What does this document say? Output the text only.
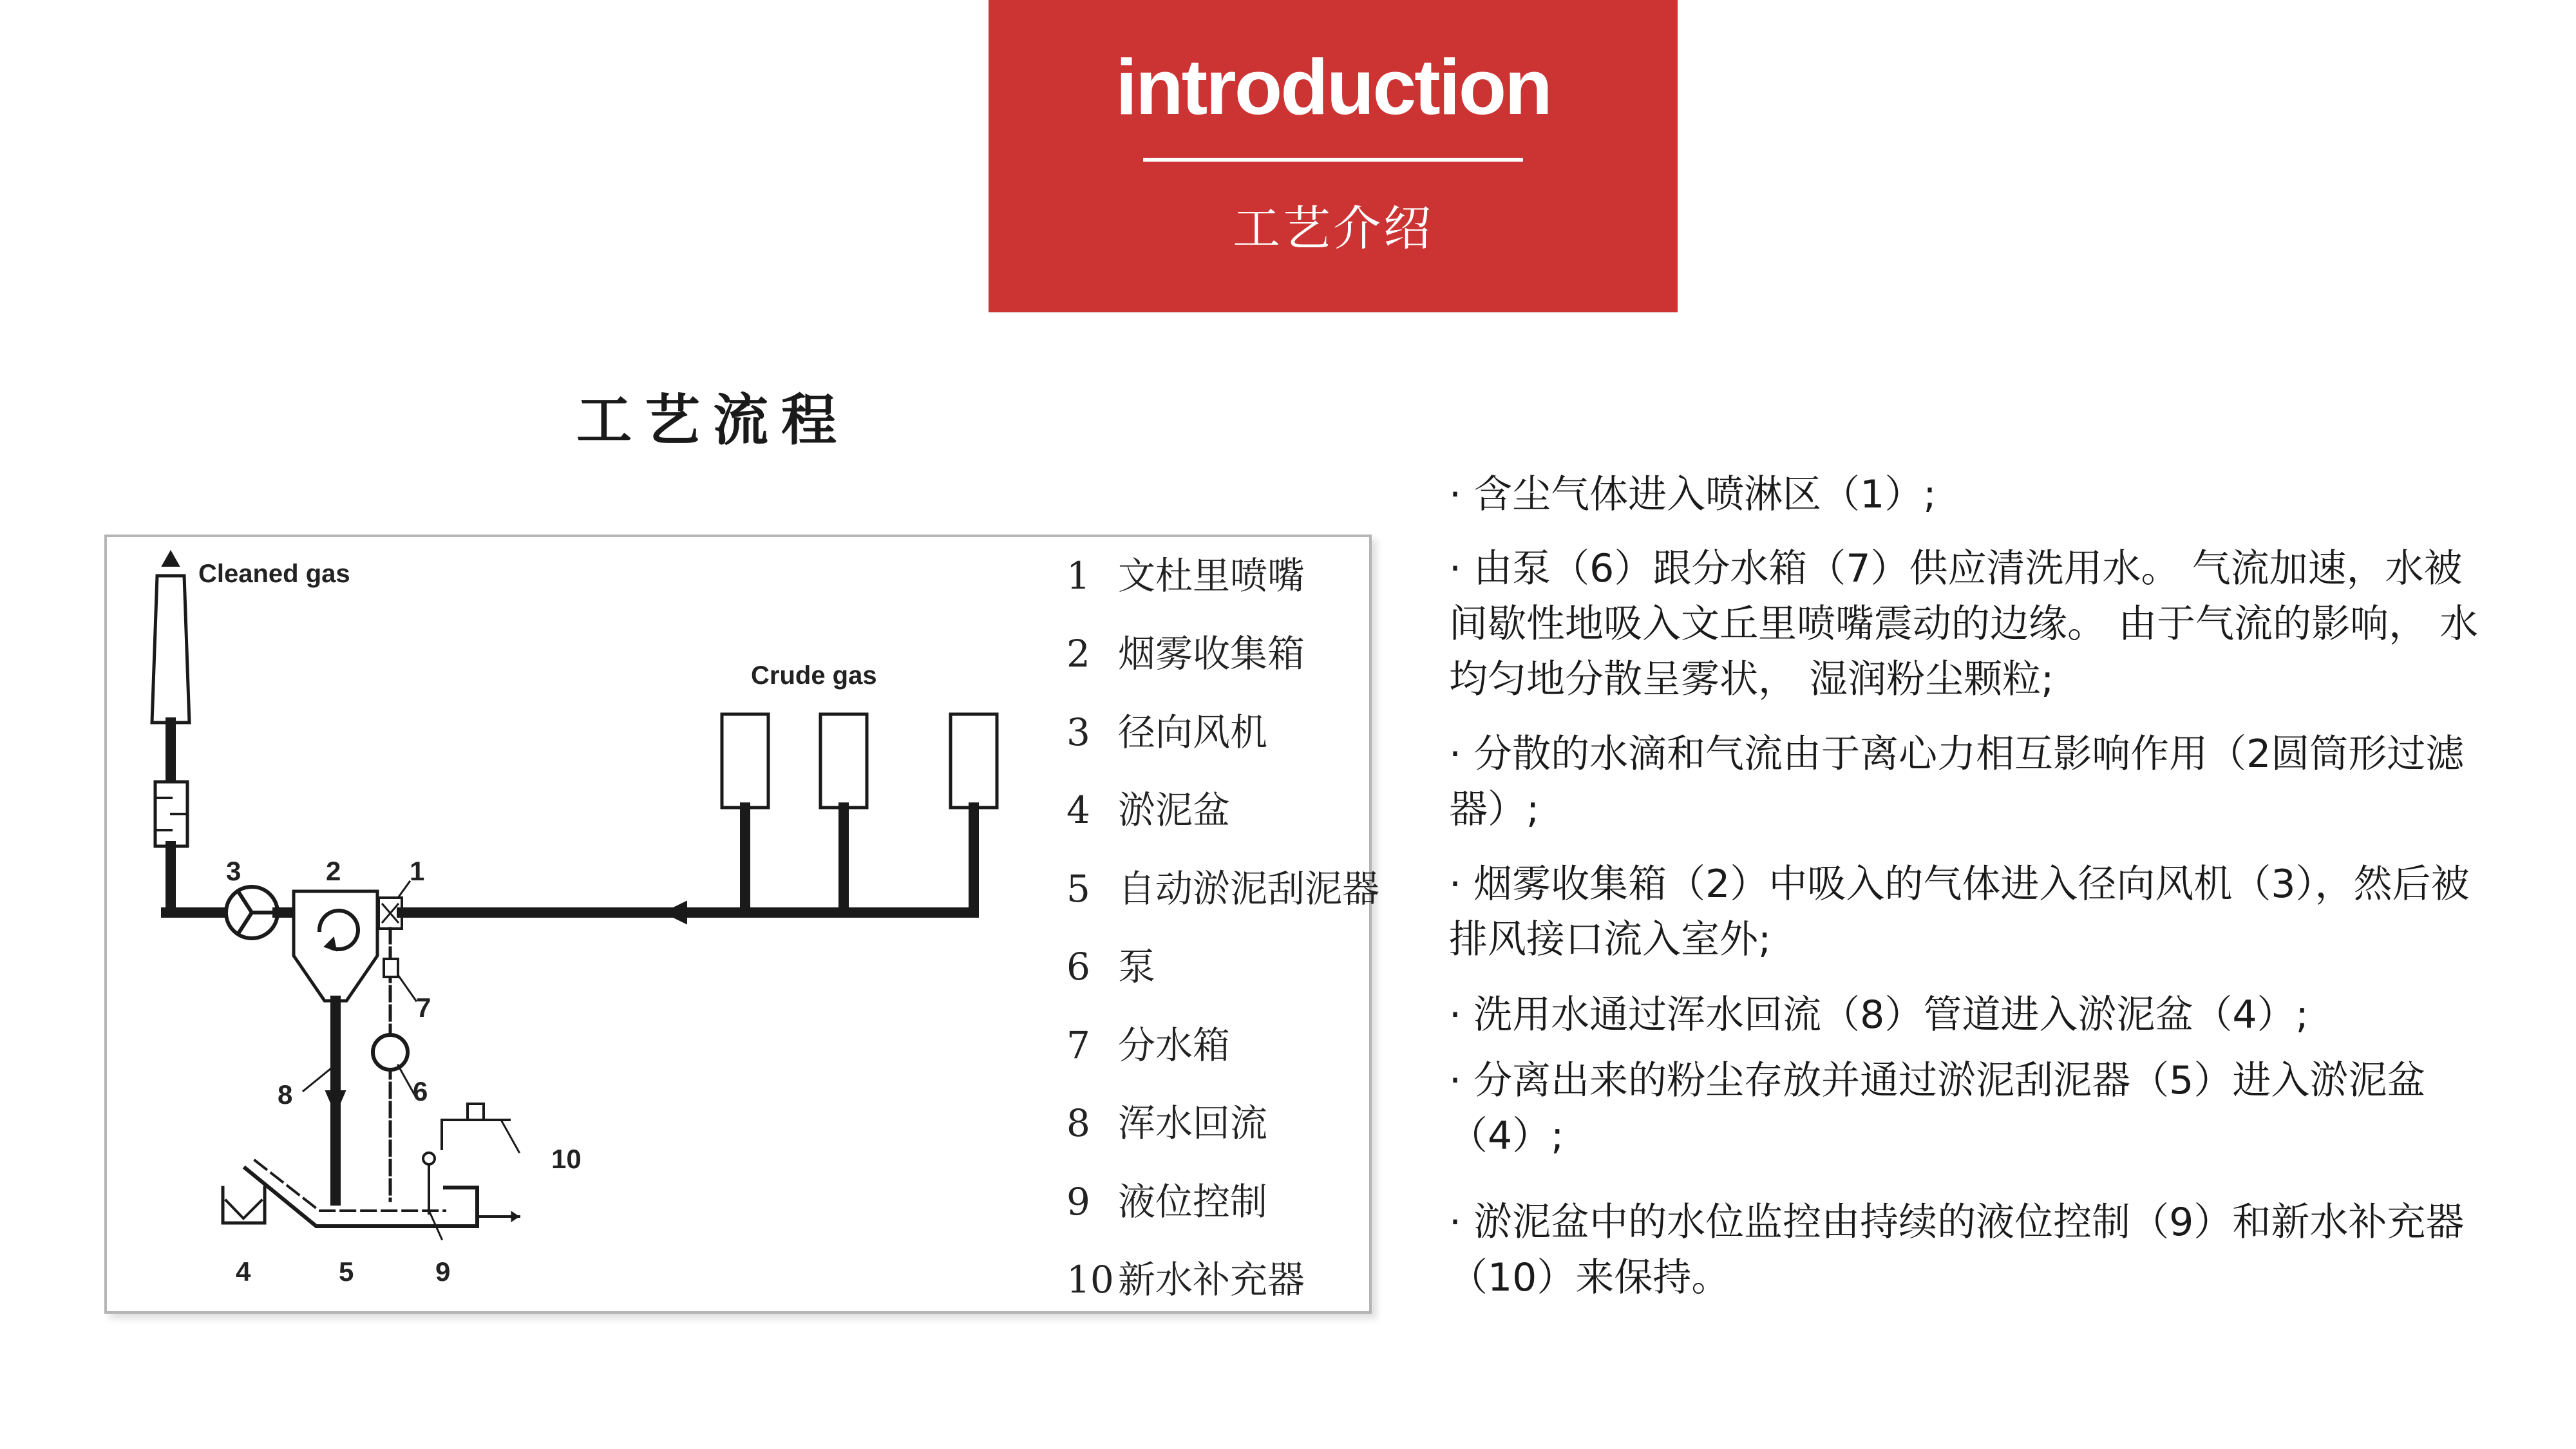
introduction
工艺介绍
工艺流程
Cleaned gas
Crude gas
1
2
3
4	5
6
7
8
9
10
1 文杜里喷嘴
2 烟雾收集箱
3 径向风机
4 淤泥盆
5 自动淤泥刮泥器
6 泵
7 分水箱
8 浑水回流
9 液位控制
10 新水补充器
· 含尘气体进入喷淋区（1）;
· 由泵（6）跟分水箱（7）供应清洗用水。 气流加速，水被间歇性地吸入文丘里喷嘴震动的边缘。 由于气流的影响， 水均匀地分散呈雾状， 湿润粉尘颗粒;
· 分散的水滴和气流由于离心力相互影响作用（2圆筒形过滤器）;
· 烟雾收集箱（2）中吸入的气体进入径向风机（3），然后被排风接口流入室外;
· 洗用水通过浑水回流（8）管道进入淤泥盆（4）;
· 分离出来的粉尘存放并通过淤泥刮泥器（5）进入淤泥盆（4）;
· 淤泥盆中的水位监控由持续的液位控制（9）和新水补充器（10）来保持。
